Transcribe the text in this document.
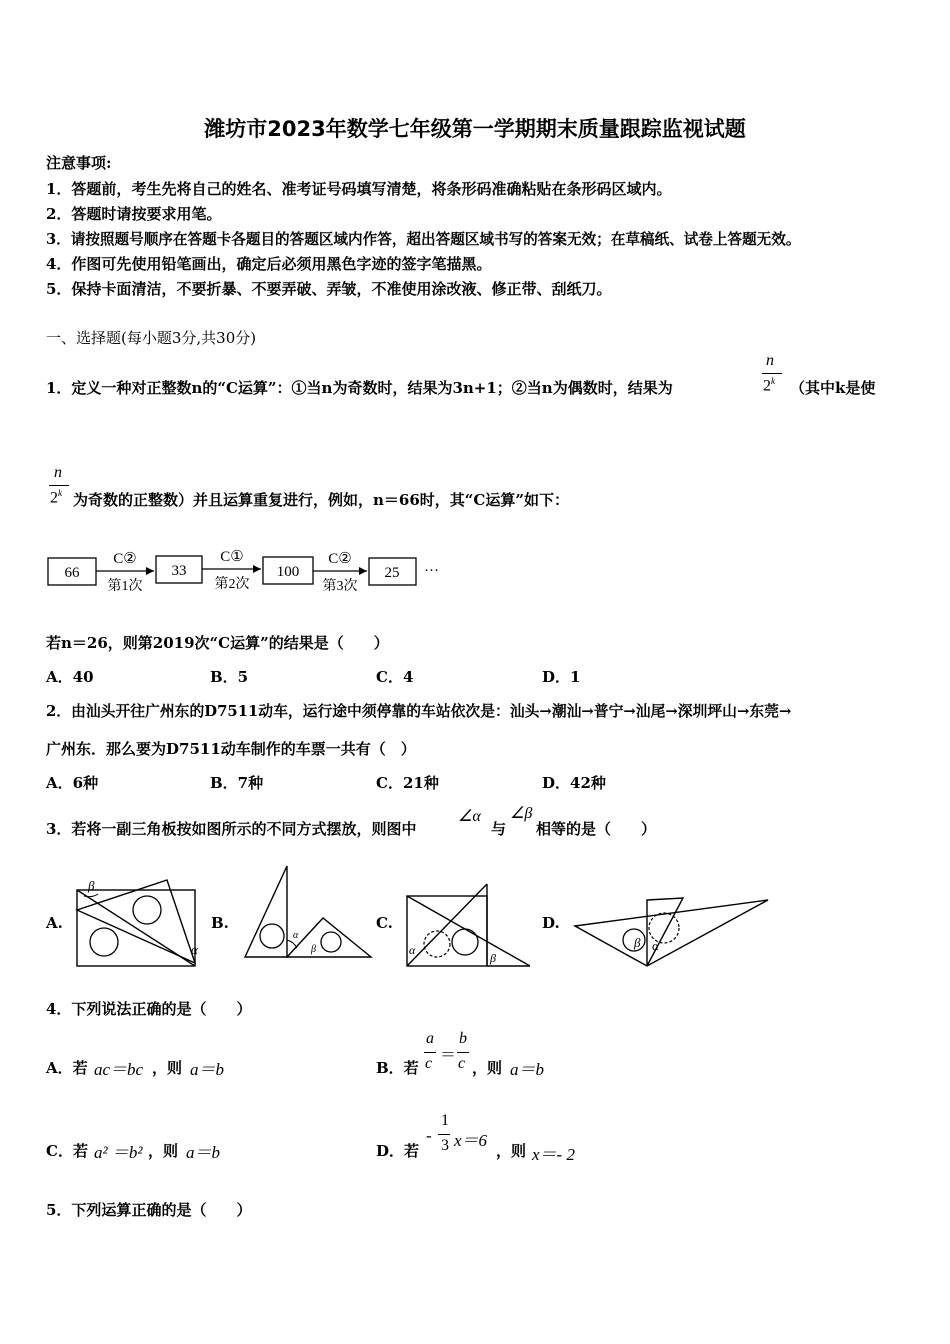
潍坊市2023年数学七年级第一学期期末质量跟踪监视试题
注意事项:
1．答题前，考生先将自己的姓名、准考证号码填写清楚，将条形码准确粘贴在条形码区域内。
2．答题时请按要求用笔。
3．请按照题号顺序在答题卡各题目的答题区域内作答，超出答题区域书写的答案无效；在草稿纸、试卷上答题无效。
4．作图可先使用铅笔画出，确定后必须用黑色字迹的签字笔描黑。
5．保持卡面清洁，不要折暴、不要弄破、弄皱，不准使用涂改液、修正带、刮纸刀。
一、选择题(每小题3分,共30分)
1．定义一种对正整数n的“C运算”：①当n为奇数时，结果为3n+1；②当n为偶数时，结果为
n
2$^k$ （其中k是使
n
2$^k$ 为奇数的正整数）并且运算重复进行，例如，n＝66时，其“C运算”如下：
66
C②
第1次
33
C①
第2次
100
C②
第3次
25 ···
若n＝26，则第2019次“C运算”的结果是（　　）
A．40	B．5	C．4	D．1
2．由汕头开往广州东的D7511动车，运行途中须停靠的车站依次是：汕头→潮汕→普宁→汕尾→深圳坪山→东莞→
广州东．那么要为D7511动车制作的车票一共有（　）
A．6种	B．7种	C．21种	D．42种
3．若将一副三角板按如图所示的不同方式摆放，则图中
∠α
与
∠β
相等的是（　　）
A.
β
α
B.
α
β
C.
α
β
D.
α
β
4．下列说法正确的是（　　）
A．若 ac＝bc ，则 a＝b	B．若
a
c ＝
b
c ，则 a＝b
C．若 a² ＝b² ，则 a＝b	D．若
-
1
3 x＝6
，则 x＝- 2
5．下列运算正确的是（　　）
